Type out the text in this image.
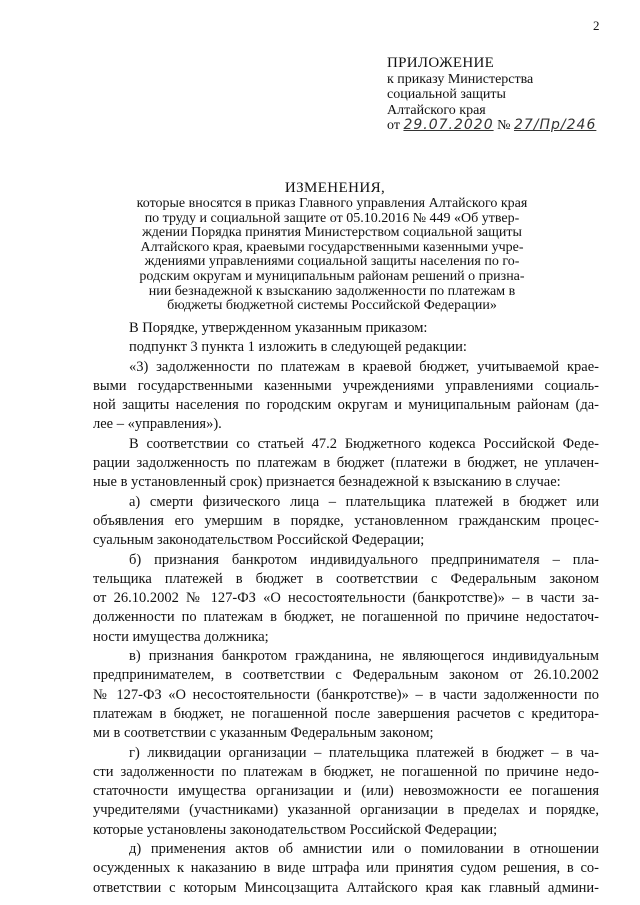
2
ПРИЛОЖЕНИЕ
к приказу Министерства
социальной защиты
Алтайского края
от 29.07.2020 № 27/Пр/246
ИЗМЕНЕНИЯ,
которые вносятся в приказ Главного управления Алтайского края
по труду и социальной защите от 05.10.2016 № 449 «Об утвер-
ждении Порядка принятия Министерством социальной защиты
Алтайского края, краевыми государственными казенными учре-
ждениями управлениями социальной защиты населения по го-
родским округам и муниципальным районам решений о призна-
нии безнадежной к взысканию задолженности по платежам в
бюджеты бюджетной системы Российской Федерации»
В Порядке, утвержденном указанным приказом:
подпункт 3 пункта 1 изложить в следующей редакции:
«3) задолженности по платежам в краевой бюджет, учитываемой крае-
выми государственными казенными учреждениями управлениями социаль-
ной защиты населения по городским округам и муниципальным районам (да-
лее – «управления»).
В соответствии со статьей 47.2 Бюджетного кодекса Российской Феде-
рации задолженность по платежам в бюджет (платежи в бюджет, не уплачен-
ные в установленный срок) признается безнадежной к взысканию в случае:
а) смерти физического лица – плательщика платежей в бюджет или
объявления его умершим в порядке, установленном гражданским процес-
суальным законодательством Российской Федерации;
б) признания банкротом индивидуального предпринимателя – пла-
тельщика платежей в бюджет в соответствии с Федеральным законом
от 26.10.2002 № 127-ФЗ «О несостоятельности (банкротстве)» – в части за-
долженности по платежам в бюджет, не погашенной по причине недостаточ-
ности имущества должника;
в) признания банкротом гражданина, не являющегося индивидуальным
предпринимателем, в соответствии с Федеральным законом от 26.10.2002
№ 127-ФЗ «О несостоятельности (банкротстве)» – в части задолженности по
платежам в бюджет, не погашенной после завершения расчетов с кредитора-
ми в соответствии с указанным Федеральным законом;
г) ликвидации организации – плательщика платежей в бюджет – в ча-
сти задолженности по платежам в бюджет, не погашенной по причине недо-
статочности имущества организации и (или) невозможности ее погашения
учредителями (участниками) указанной организации в пределах и порядке,
которые установлены законодательством Российской Федерации;
д) применения актов об амнистии или о помиловании в отношении
осужденных к наказанию в виде штрафа или принятия судом решения, в со-
ответствии с которым Минсоцзащита Алтайского края как главный админи-
